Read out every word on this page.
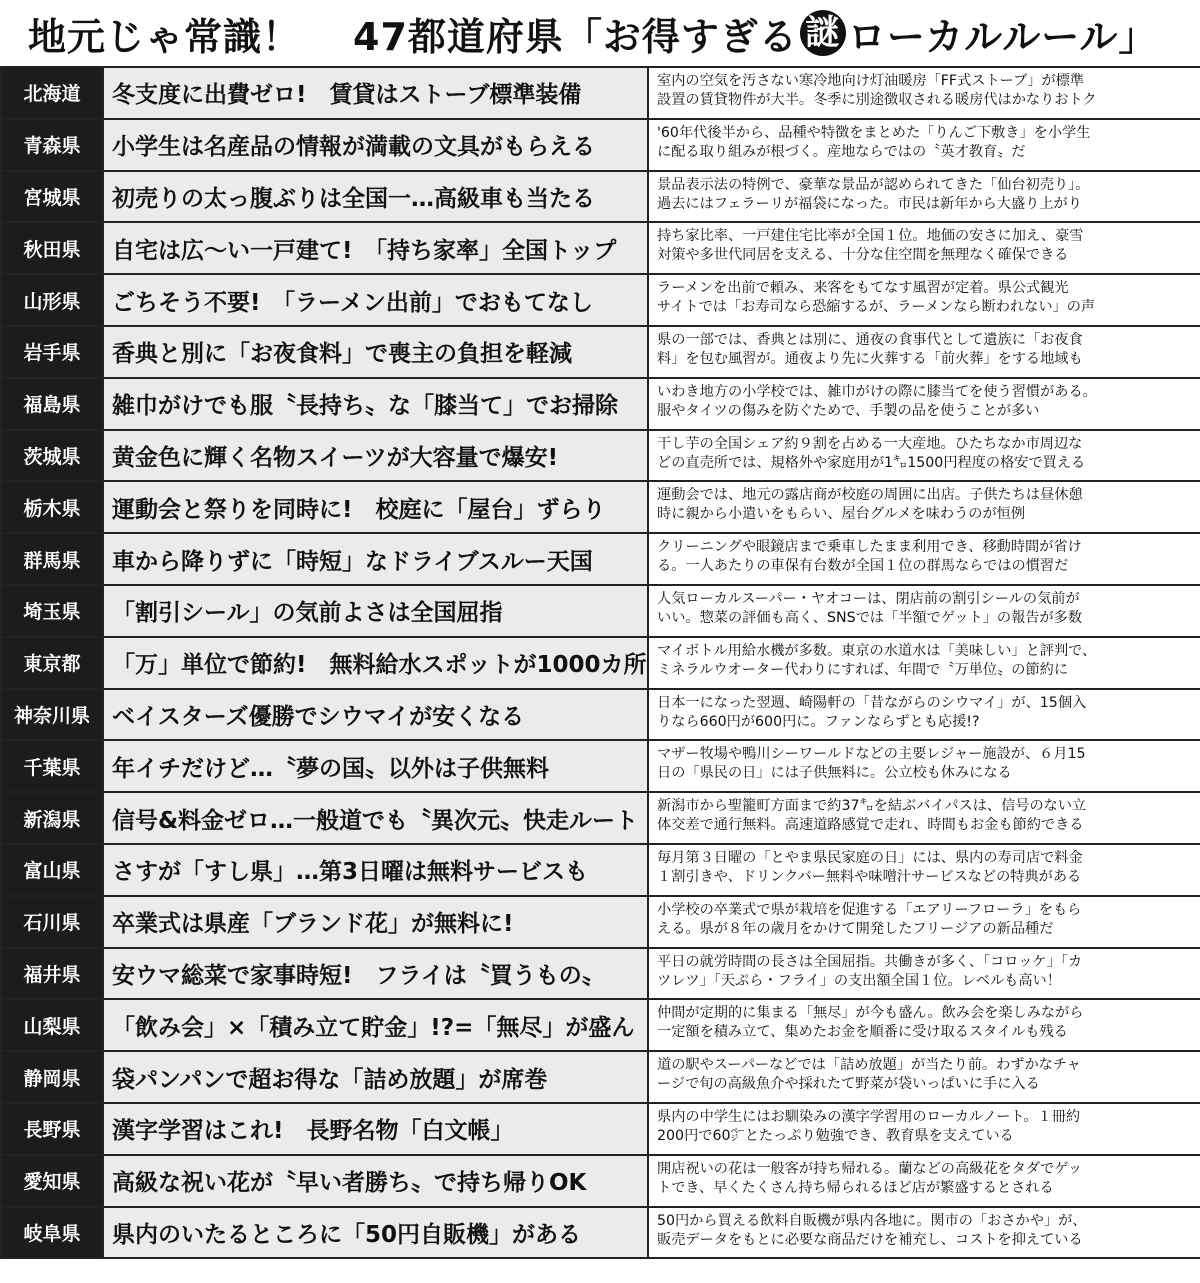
地元じゃ常識！ 47都道府県「お得すぎる 謎 ローカルルール」
北海道	冬支度に出費ゼロ!　賃貸はストーブ標準装備
室内の空気を汚さない寒冷地向け灯油暖房「FF式ストーブ」が標準
設置の賃貸物件が大半。冬季に別途徴収される暖房代はかなりおトク
青森県	小学生は名産品の情報が満載の文具がもらえる
'60年代後半から、品種や特徴をまとめた「りんご下敷き」を小学生
に配る取り組みが根づく。産地ならではの〝英才教育〟だ
宮城県	初売りの太っ腹ぶりは全国一…高級車も当たる
景品表示法の特例で、豪華な景品が認められてきた「仙台初売り」。
過去にはフェラーリが福袋になった。市民は新年から大盛り上がり
秋田県	自宅は広〜い一戸建て!　「持ち家率」全国トップ
持ち家比率、一戸建住宅比率が全国１位。地価の安さに加え、豪雪
対策や多世代同居を支える、十分な住空間を無理なく確保できる
山形県	ごちそう不要!　「ラーメン出前」でおもてなし
ラーメンを出前で頼み、来客をもてなす風習が定着。県公式観光
サイトでは「お寿司なら恐縮するが、ラーメンなら断われない」の声
岩手県	香典と別に「お夜食料」で喪主の負担を軽減
県の一部では、香典とは別に、通夜の食事代として遺族に「お夜食
料」を包む風習が。通夜より先に火葬する「前火葬」をする地域も
福島県	雑巾がけでも服〝長持ち〟な「膝当て」でお掃除
いわき地方の小学校では、雑巾がけの際に膝当てを使う習慣がある。
服やタイツの傷みを防ぐためで、手製の品を使うことが多い
茨城県	黄金色に輝く名物スイーツが大容量で爆安!
干し芋の全国シェア約９割を占める一大産地。ひたちなか市周辺な
どの直売所では、規格外や家庭用が1㌔1500円程度の格安で買える
栃木県	運動会と祭りを同時に!　校庭に「屋台」ずらり
運動会では、地元の露店商が校庭の周囲に出店。子供たちは昼休憩
時に親から小遣いをもらい、屋台グルメを味わうのが恒例
群馬県	車から降りずに「時短」なドライブスルー天国
クリーニングや眼鏡店まで乗車したまま利用でき、移動時間が省け
る。一人あたりの車保有台数が全国１位の群馬ならではの慣習だ
埼玉県	「割引シール」の気前よさは全国屈指
人気ローカルスーパー・ヤオコーは、閉店前の割引シールの気前が
いい。惣菜の評価も高く、SNSでは「半額でゲット」の報告が多数
東京都	「万」単位で節約!　無料給水スポットが1000カ所
マイボトル用給水機が多数。東京の水道水は「美味しい」と評判で、
ミネラルウオーター代わりにすれば、年間で〝万単位〟の節約に
神奈川県 ベイスターズ優勝でシウマイが安くなる
日本一になった翌週、崎陽軒の「昔ながらのシウマイ」が、15個入
りなら660円が600円に。ファンならずとも応援!?
千葉県	年イチだけど…〝夢の国〟以外は子供無料
マザー牧場や鴨川シーワールドなどの主要レジャー施設が、６月15
日の「県民の日」には子供無料に。公立校も休みになる
新潟県	信号&料金ゼロ…一般道でも〝異次元〟快走ルート
新潟市から聖籠町方面まで約37㌔を結ぶバイパスは、信号のない立
体交差で通行無料。高速道路感覚で走れ、時間もお金も節約できる
富山県	さすが「すし県」…第3日曜は無料サービスも
毎月第３日曜の「とやま県民家庭の日」には、県内の寿司店で料金
１割引きや、ドリンクバー無料や味噌汁サービスなどの特典がある
石川県	卒業式は県産「ブランド花」が無料に!
小学校の卒業式で県が栽培を促進する「エアリーフローラ」をもら
える。県が８年の歳月をかけて開発したフリージアの新品種だ
福井県	安ウマ総菜で家事時短!　フライは〝買うもの〟
平日の就労時間の長さは全国屈指。共働きが多く、「コロッケ」「カ
ツレツ」「天ぷら・フライ」の支出額全国１位。レベルも高い！
山梨県	「飲み会」×「積み立て貯金」!?=「無尽」が盛ん
仲間が定期的に集まる「無尽」が今も盛ん。飲み会を楽しみながら
一定額を積み立て、集めたお金を順番に受け取るスタイルも残る
静岡県	袋パンパンで超お得な「詰め放題」が席巻
道の駅やスーパーなどでは「詰め放題」が当たり前。わずかなチャ
ージで旬の高級魚介や採れたて野菜が袋いっぱいに手に入る
長野県	漢字学習はこれ!　長野名物「白文帳」
県内の中学生にはお馴染みの漢字学習用のローカルノート。１冊約
200円で60㌻とたっぷり勉強でき、教育県を支えている
愛知県	高級な祝い花が〝早い者勝ち〟で持ち帰りOK
開店祝いの花は一般客が持ち帰れる。蘭などの高級花をタダでゲッ
トでき、早くたくさん持ち帰られるほど店が繁盛するとされる
岐阜県	県内のいたるところに「50円自販機」がある
50円から買える飲料自販機が県内各地に。関市の「おさかや」が、
販売データをもとに必要な商品だけを補充し、コストを抑えている
